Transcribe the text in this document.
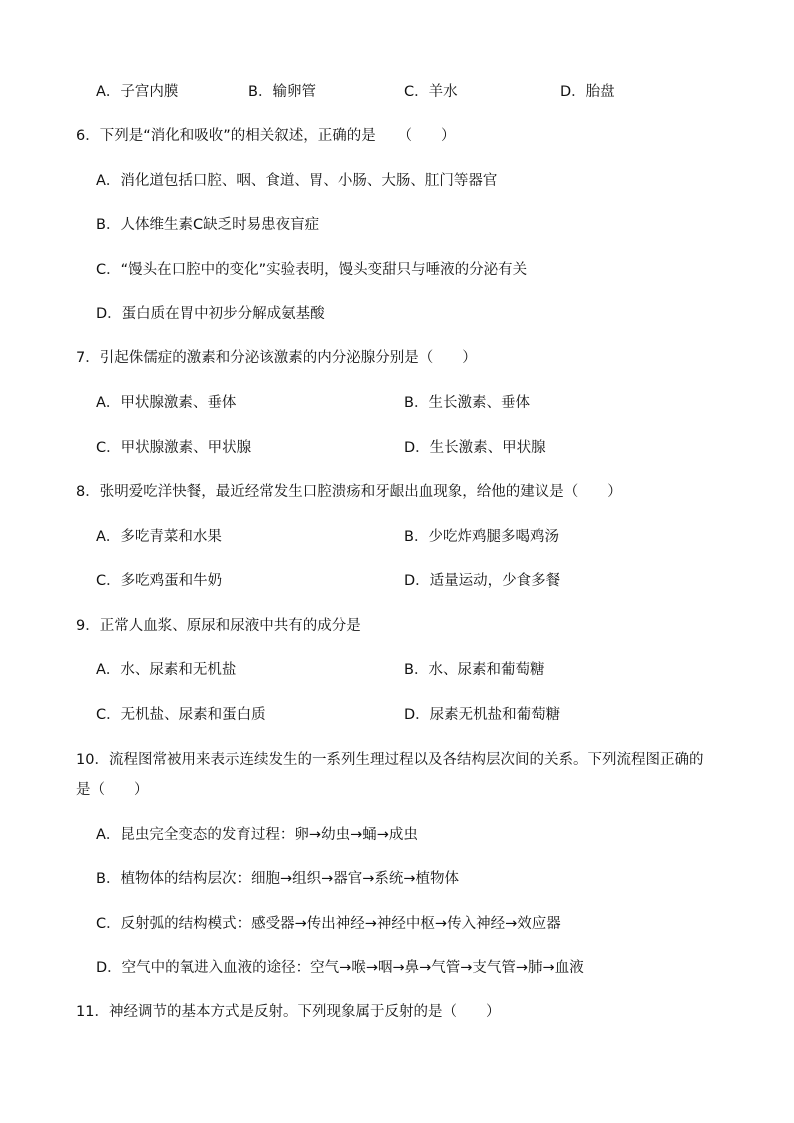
A．子宫内膜	B．输卵管	C．羊水	D．胎盘
6．下列是“消化和吸收”的相关叙述，正确的是　　（　　）
A．消化道包括口腔、咽、食道、胃、小肠、大肠、肛门等器官
B．人体维生素C缺乏时易患夜盲症
C．“馒头在口腔中的变化”实验表明，馒头变甜只与唾液的分泌有关
D．蛋白质在胃中初步分解成氨基酸
7．引起侏儒症的激素和分泌该激素的内分泌腺分别是（　　）
A．甲状腺激素、垂体	B．生长激素、垂体
C．甲状腺激素、甲状腺	D．生长激素、甲状腺
8．张明爱吃洋快餐，最近经常发生口腔溃疡和牙龈出血现象，给他的建议是（　　）
A．多吃青菜和水果	B．少吃炸鸡腿多喝鸡汤
C．多吃鸡蛋和牛奶	D．适量运动，少食多餐
9．正常人血浆、原尿和尿液中共有的成分是
A．水、尿素和无机盐	B．水、尿素和葡萄糖
C．无机盐、尿素和蛋白质	D．尿素无机盐和葡萄糖
10．流程图常被用来表示连续发生的一系列生理过程以及各结构层次间的关系。下列流程图正确的
是（　　）
A．昆虫完全变态的发育过程：卵→幼虫→蛹→成虫
B．植物体的结构层次：细胞→组织→器官→系统→植物体
C．反射弧的结构模式：感受器→传出神经→神经中枢→传入神经→效应器
D．空气中的氧进入血液的途径：空气→喉→咽→鼻→气管→支气管→肺→血液
11．神经调节的基本方式是反射。下列现象属于反射的是（　　）
